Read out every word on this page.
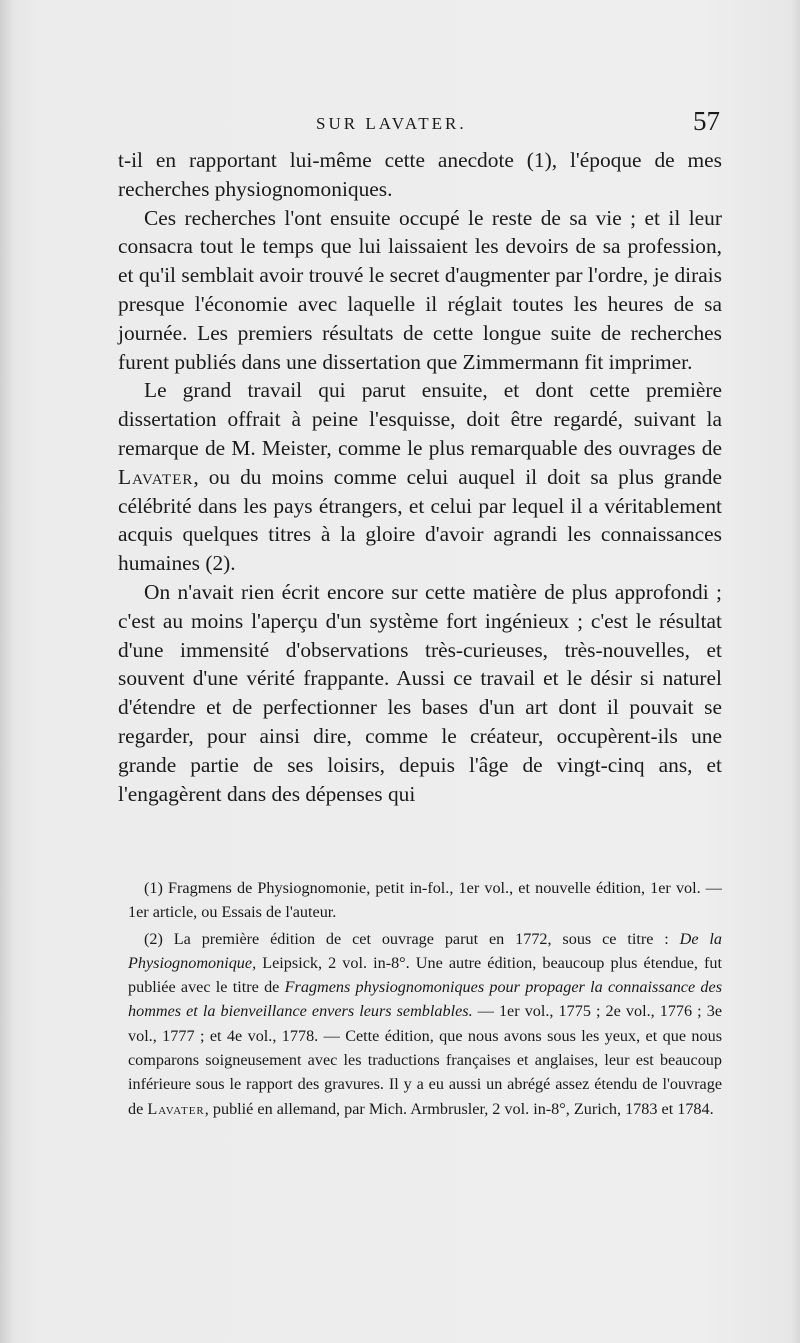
SUR LAVATER.	57

t-il en rapportant lui-même cette anecdote (1), l'époque de mes recherches physiognomoniques.

Ces recherches l'ont ensuite occupé le reste de sa vie ; et il leur consacra tout le temps que lui laissaient les devoirs de sa profession, et qu'il semblait avoir trouvé le secret d'augmenter par l'ordre, je dirais presque l'économie avec laquelle il réglait toutes les heures de sa journée. Les premiers résultats de cette longue suite de recherches furent publiés dans une dissertation que Zimmermann fit imprimer.

Le grand travail qui parut ensuite, et dont cette première dissertation offrait à peine l'esquisse, doit être regardé, suivant la remarque de M. Meister, comme le plus remarquable des ouvrages de Lavater, ou du moins comme celui auquel il doit sa plus grande célébrité dans les pays étrangers, et celui par lequel il a véritablement acquis quelques titres à la gloire d'avoir agrandi les connaissances humaines (2).

On n'avait rien écrit encore sur cette matière de plus approfondi ; c'est au moins l'aperçu d'un système fort ingénieux ; c'est le résultat d'une immensité d'observations très-curieuses, très-nouvelles, et souvent d'une vérité frappante. Aussi ce travail et le désir si naturel d'étendre et de perfectionner les bases d'un art dont il pouvait se regarder, pour ainsi dire, comme le créateur, occupèrent-ils une grande partie de ses loisirs, depuis l'âge de vingt-cinq ans, et l'engagèrent dans des dépenses qui

(1) Fragmens de Physiognomonie, petit in-fol., 1er vol., et nouvelle édition, 1er vol. — 1er article, ou Essais de l'auteur.

(2) La première édition de cet ouvrage parut en 1772, sous ce titre : De la Physiognomonique, Leipsick, 2 vol. in-8°. Une autre édition, beaucoup plus étendue, fut publiée avec le titre de Fragmens physiognomoniques pour propager la connaissance des hommes et la bienveillance envers leurs semblables. — 1er vol., 1775 ; 2e vol., 1776 ; 3e vol., 1777 ; et 4e vol., 1778. — Cette édition, que nous avons sous les yeux, et que nous comparons soigneusement avec les traductions françaises et anglaises, leur est beaucoup inférieure sous le rapport des gravures. Il y a eu aussi un abrégé assez étendu de l'ouvrage de Lavater, publié en allemand, par Mich. Armbrusler, 2 vol. in-8°, Zurich, 1783 et 1784.
